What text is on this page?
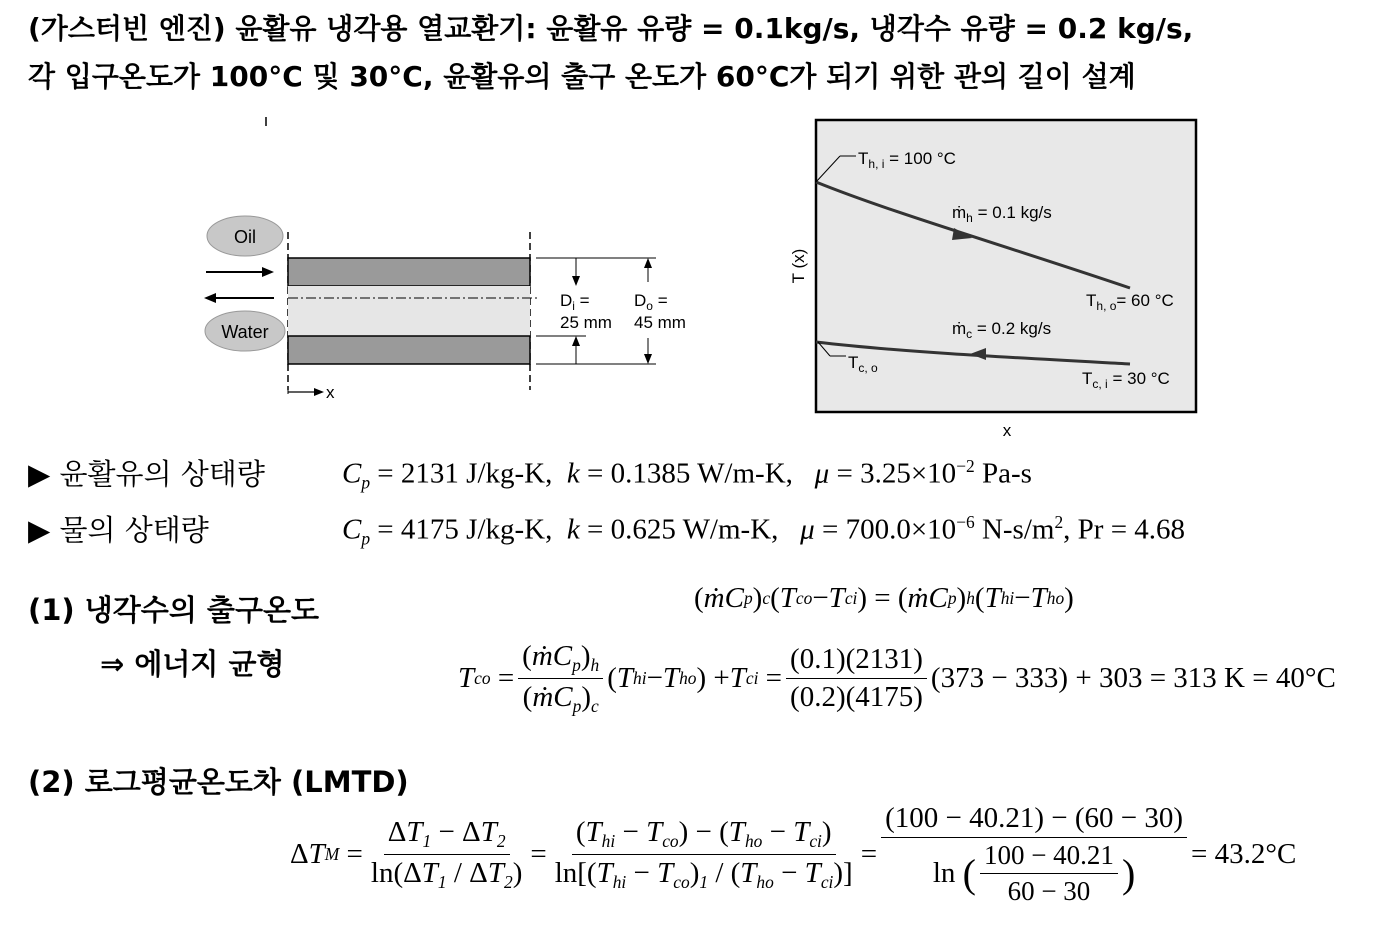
(가스터빈 엔진) 윤활유 냉각용 열교환기: 윤활유 유량 = 0.1kg/s, 냉각수 유량 = 0.2 kg/s,
각 입구온도가 100°C 및 30°C, 윤활유의 출구 온도가 60°C가 되기 위한 관의 길이 설계
Oil
Water
$D_i$ =
25 mm
$D_o$ =
45 mm
x
T (x)
x
$T_{h, i} = 100$ °C
ṁ$_h$ = 0.1 kg/s
$T_{h, o}= 60$ °C
ṁ$_c$ = 0.2 kg/s
$T_{c, o}$
$T_{c, i} = 30$ °C
▶ 윤활유의 상태량	$C_p = 2131$ J/kg-K, k = 0.1385 W/m-K, $\mu = 3.25\times 10^{-2}$ Pa-s
▶ 물의 상태량	$C_p = 4175$ J/kg-K, k = 0.625 W/m-K, $\mu = 700.0\times 10^{-6}$ $N-s/m^2$, Pr = 4.68
(1) 냉각수의 출구온도
⇒ 에너지 균형
( ṁC p ) c ( T co − T ci ) = ( ṁC p ) h ( T hi − T ho )
T co = $\frac{(ṁC_p)_h}{(ṁC_p)_c}$ ( T hi − T ho ) + T ci = $\frac{(0.1)(2131)}{(0.2)(4175)} (373 - 333) + 303 = 313$ K = 40°C
(2) 로그평균온도차 (LMTD)
Δ T $M = \frac{\Delta T_1 - \Delta T_2}{\ln(\Delta T_1 / \Delta T_2)} = \frac{(T_{hi} - T_{co}) - (T_{ho} - T_{ci})}{\ln[(T_{hi} - T_{co})_1 / (T_{ho} - T_{ci})]} = \frac{(100 - 40.21) - (60 - 30)}{\ln ( \frac{100 - 40.21}{60 - 30} )} = 43.2^\circ C$
